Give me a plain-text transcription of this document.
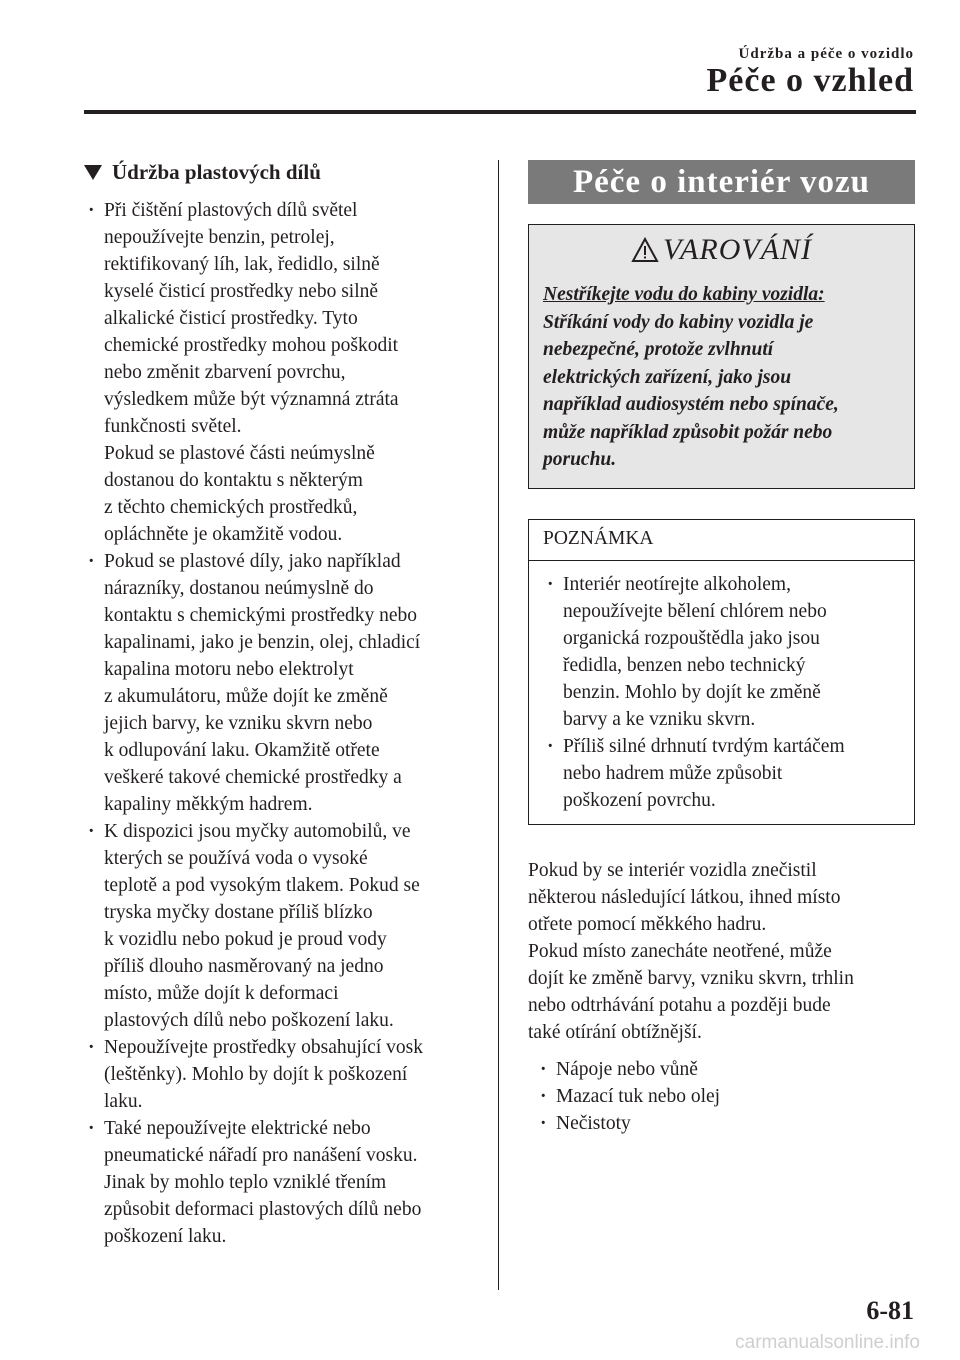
Údržba a péče o vozidlo
Péče o vzhled
Údržba plastových dílů
· Při čištění plastových dílů světel
nepoužívejte benzin, petrolej,
rektifikovaný líh, lak, ředidlo, silně
kyselé čisticí prostředky nebo silně
alkalické čisticí prostředky. Tyto
chemické prostředky mohou poškodit
nebo změnit zbarvení povrchu,
výsledkem může být významná ztráta
funkčnosti světel.
Pokud se plastové části neúmyslně
dostanou do kontaktu s některým
z těchto chemických prostředků,
opláchněte je okamžitě vodou.
· Pokud se plastové díly, jako například
nárazníky, dostanou neúmyslně do
kontaktu s chemickými prostředky nebo
kapalinami, jako je benzin, olej, chladicí
kapalina motoru nebo elektrolyt
z akumulátoru, může dojít ke změně
jejich barvy, ke vzniku skvrn nebo
k odlupování laku. Okamžitě otřete
veškeré takové chemické prostředky a
kapaliny měkkým hadrem.
· K dispozici jsou myčky automobilů, ve
kterých se používá voda o vysoké
teplotě a pod vysokým tlakem. Pokud se
tryska myčky dostane příliš blízko
k vozidlu nebo pokud je proud vody
příliš dlouho nasměrovaný na jedno
místo, může dojít k deformaci
plastových dílů nebo poškození laku.
· Nepoužívejte prostředky obsahující vosk
(leštěnky). Mohlo by dojít k poškození
laku.
· Také nepoužívejte elektrické nebo
pneumatické nářadí pro nanášení vosku.
Jinak by mohlo teplo vzniklé třením
způsobit deformaci plastových dílů nebo
poškození laku.
Péče o interiér vozu
VAROVÁNÍ
Nestříkejte vodu do kabiny vozidla:
Stříkání vody do kabiny vozidla je
nebezpečné, protože zvlhnutí
elektrických zařízení, jako jsou
například audiosystém nebo spínače,
může například způsobit požár nebo
poruchu.
POZNÁMKA
· Interiér neotírejte alkoholem,
nepoužívejte bělení chlórem nebo
organická rozpouštědla jako jsou
ředidla, benzen nebo technický
benzin. Mohlo by dojít ke změně
barvy a ke vzniku skvrn.
· Příliš silné drhnutí tvrdým kartáčem
nebo hadrem může způsobit
poškození povrchu.
Pokud by se interiér vozidla znečistil
některou následující látkou, ihned místo
otřete pomocí měkkého hadru.
Pokud místo zanecháte neotřené, může
dojít ke změně barvy, vzniku skvrn, trhlin
nebo odtrhávání potahu a později bude
také otírání obtížnější.
· Nápoje nebo vůně
· Mazací tuk nebo olej
· Nečistoty
6-81
carmanualsonline.info
